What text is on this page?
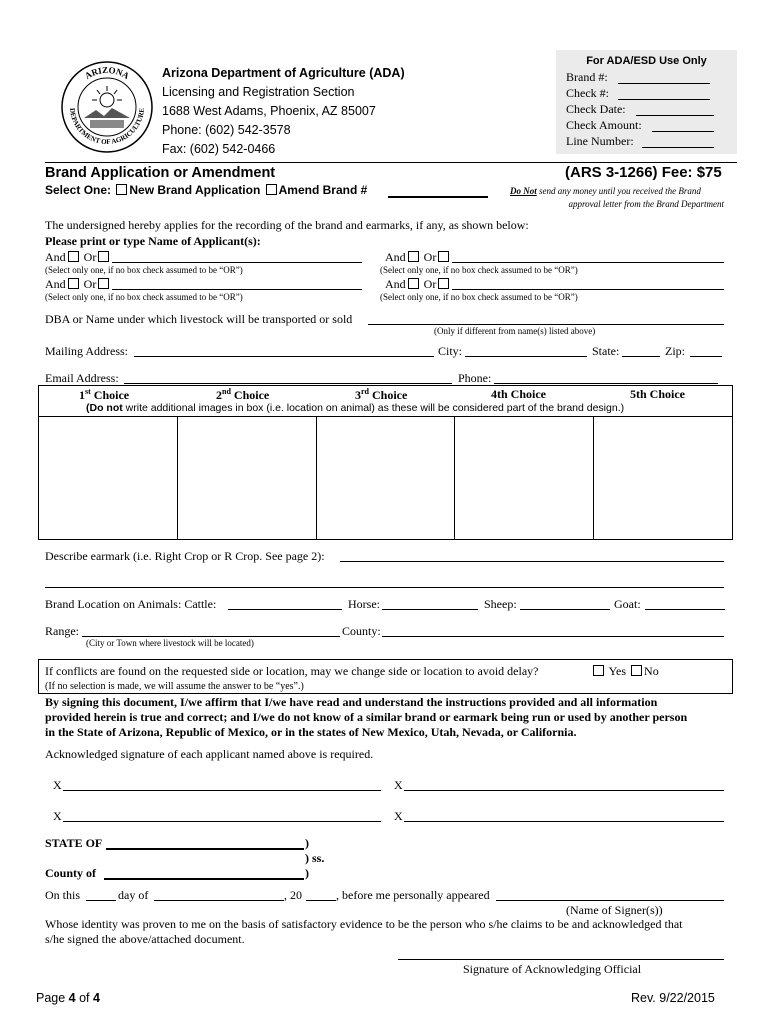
ARIZONA
DEPARTMENT OF AGRICULTURE
Arizona Department of Agriculture (ADA)
Licensing and Registration Section
1688 West Adams, Phoenix, AZ 85007
Phone: (602) 542-3578
Fax: (602) 542-0466
For ADA/ESD Use Only
Brand #:
Check #:
Check Date:
Check Amount:
Line Number:
Brand Application or Amendment	(ARS 3-1266) Fee: $75
Select One: New Brand Application Amend Brand #	Do Not send any money until you received the Brand
approval letter from the Brand Department
The undersigned hereby applies for the recording of the brand and earmarks, if any, as shown below:
Please print or type Name of Applicant(s):
And Or	And Or
(Select only one, if no box check assumed to be “OR”)	(Select only one, if no box check assumed to be “OR”)
And Or	And Or
(Select only one, if no box check assumed to be “OR”)	(Select only one, if no box check assumed to be “OR”)
DBA or Name under which livestock will be transported or sold
(Only if different from name(s) listed above)
Mailing Address:	City:	State:	Zip:
Email Address:	Phone:
1st Choice	2nd Choice	3rd Choice	4th Choice	5th Choice
(Do not write additional images in box (i.e. location on animal) as these will be considered part of the brand design.)
Describe earmark (i.e. Right Crop or R Crop. See page 2):
Brand Location on Animals: Cattle:	Horse:	Sheep:	Goat:
Range:	County:
(City or Town where livestock will be located)
If conflicts are found on the requested side or location, may we change side or location to avoid delay?	Yes No
(If no selection is made, we will assume the answer to be “yes”.)
By signing this document, I/we affirm that I/we have read and understand the instructions provided and all information
provided herein is true and correct; and I/we do not know of a similar brand or earmark being run or used by another person
in the State of Arizona, Republic of Mexico, or in the states of New Mexico, Utah, Nevada, or California.
Acknowledged signature of each applicant named above is required.
X	X
X	X
STATE OF	)
) ss.
County of	)
On this	day of	, 20	, before me personally appeared
(Name of Signer(s))
Whose identity was proven to me on the basis of satisfactory evidence to be the person who s/he claims to be and acknowledged that
s/he signed the above/attached document.
Signature of Acknowledging Official
Page 4 of 4	Rev. 9/22/2015
